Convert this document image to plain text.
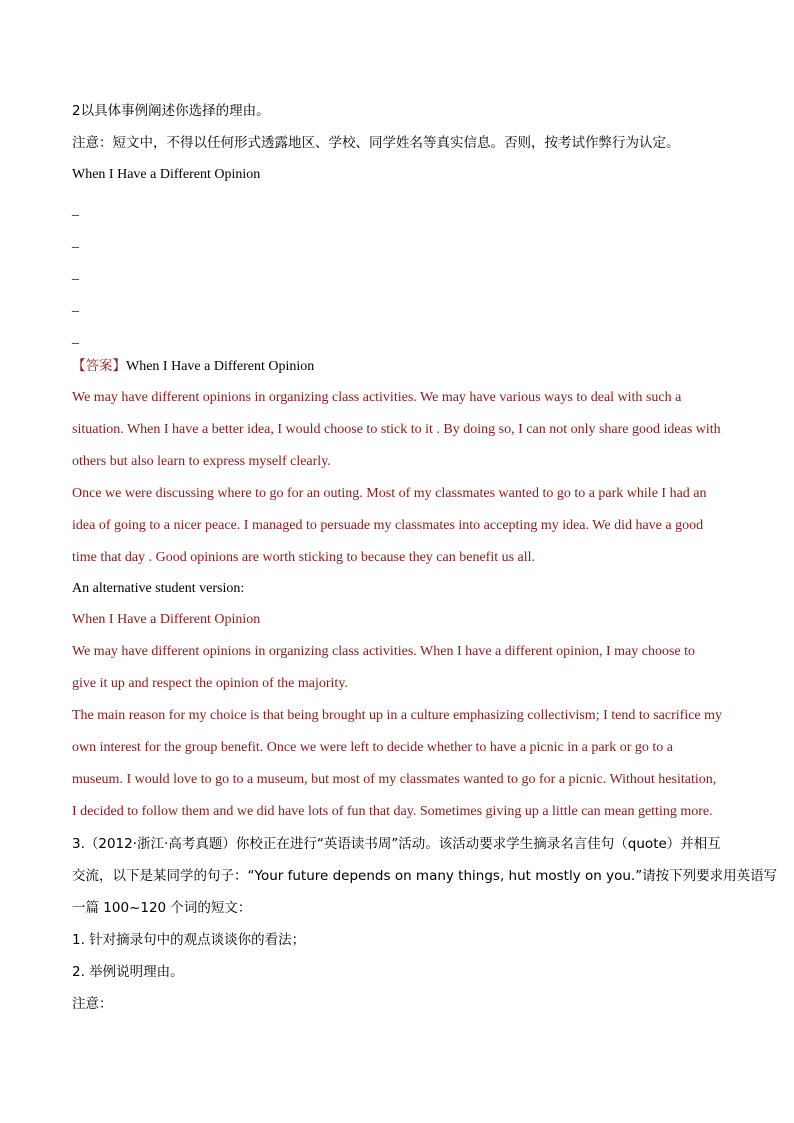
2以具体事例阐述你选择的理由。
注意：短文中，不得以任何形式透露地区、学校、同学姓名等真实信息。否则，按考试作弊行为认定。
When I Have a Different Opinion
_
_
_
_
_
【答案】When I Have a Different Opinion
We may have different opinions in organizing class activities. We may have various ways to deal with such a
situation. When I have a better idea, I would choose to stick to it . By doing so, I can not only share good ideas with
others but also learn to express myself clearly.
Once we were discussing where to go for an outing. Most of my classmates wanted to go to a park while I had an
idea of going to a nicer peace. I managed to persuade my classmates into accepting my idea. We did have a good
time that day . Good opinions are worth sticking to because they can benefit us all.
An alternative student version:
When I Have a Different Opinion
We may have different opinions in organizing class activities. When I have a different opinion, I may choose to
give it up and respect the opinion of the majority.
The main reason for my choice is that being brought up in a culture emphasizing collectivism; I tend to sacrifice my
own interest for the group benefit. Once we were left to decide whether to have a picnic in a park or go to a
museum. I would love to go to a museum, but most of my classmates wanted to go for a picnic. Without hesitation,
I decided to follow them and we did have lots of fun that day. Sometimes giving up a little can mean getting more.
3.（2012·浙江·高考真题）你校正在进行“英语读书周”活动。该活动要求学生摘录名言佳句（quote）并相互
交流，以下是某同学的句子：“Your future depends on many things, hut mostly on you.”请按下列要求用英语写
一篇 100~120 个词的短文：
1. 针对摘录句中的观点谈谈你的看法；
2. 举例说明理由。
注意：
